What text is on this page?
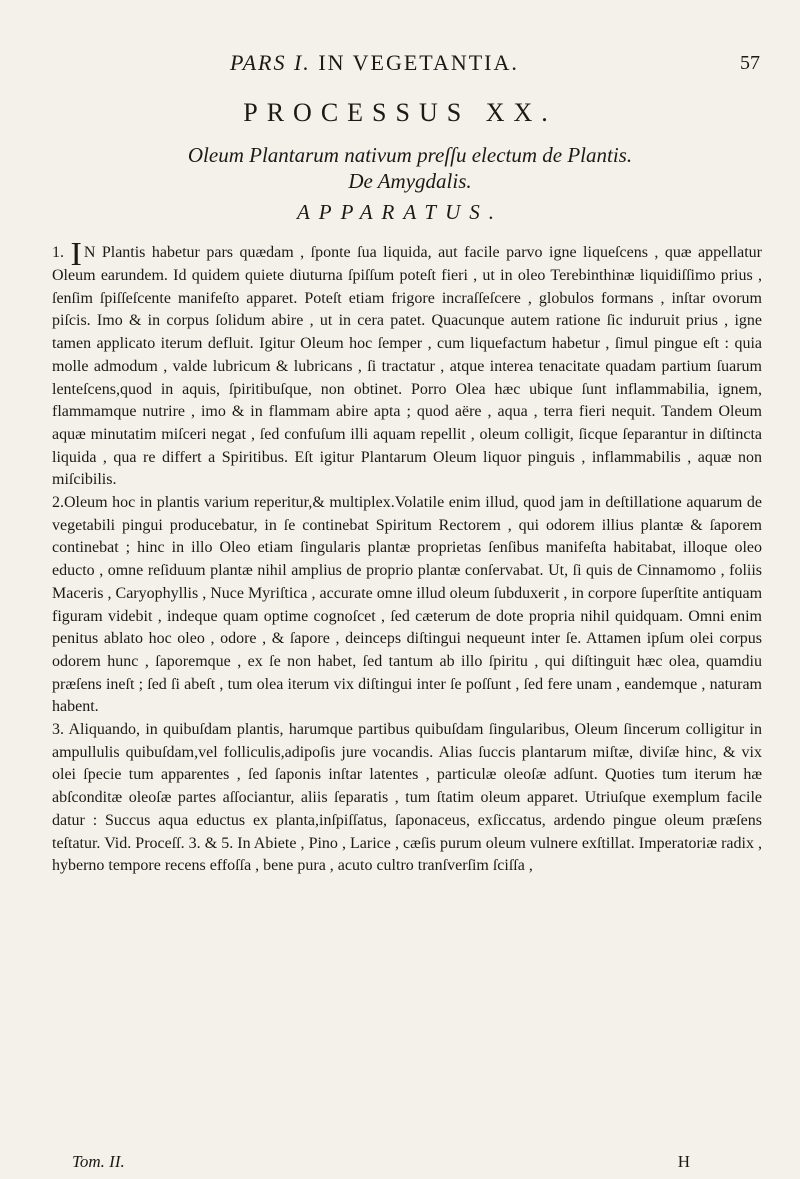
PARS I. IN VEGETANTIA.	57
PROCESSUS XX.
Oleum Plantarum nativum preſſu electum de Plantis.
De Amygdalis.
APPARATUS.

1. I N Plantis habetur pars quædam , ſponte ſua liquida, aut facile parvo igne liqueſcens , quæ appellatur Oleum earundem. Id quidem quiete diuturna ſpiſſum poteſt fieri , ut in oleo Terebinthinæ liquidiſſimo prius , ſenſim ſpiſſeſcente manifeſto apparet. Poteſt etiam frigore incraſſeſcere , globulos formans , inſtar ovorum piſcis. Imo & in corpus ſolidum abire , ut in cera patet. Quacunque autem ratione ſic induruit prius , igne tamen applicato iterum defluit. Igitur Oleum hoc ſemper , cum liquefactum habetur , ſimul pingue eſt : quia molle admodum , valde lubricum & lubricans , ſi tractatur , atque interea tenacitate quadam partium ſuarum lenteſcens,quod in aquis, ſpiritibuſque, non obtinet. Porro Olea hæc ubique ſunt inflammabilia, ignem, flammamque nutrire , imo & in flammam abire apta ; quod aëre , aqua , terra fieri nequit. Tandem Oleum aquæ minutatim miſceri negat , ſed confuſum illi aquam repellit , oleum colligit, ſicque ſeparantur in diſtincta liquida , qua re differt a Spiritibus. Eſt igitur Plantarum Oleum liquor pinguis , inflammabilis , aquæ non miſcibilis.

2.Oleum hoc in plantis varium reperitur,& multiplex.Volatile enim illud, quod jam in deſtillatione aquarum de vegetabili pingui producebatur, in ſe continebat Spiritum Rectorem , qui odorem illius plantæ & ſaporem continebat ; hinc in illo Oleo etiam ſingularis plantæ proprietas ſenſibus manifeſta habitabat, illoque oleo educto , omne reſiduum plantæ nihil amplius de proprio plantæ conſervabat. Ut, ſi quis de Cinnamomo , foliis Maceris , Caryophyllis , Nuce Myriſtica , accurate omne illud oleum ſubduxerit , in corpore ſuperſtite antiquam figuram videbit , indeque quam optime cognoſcet , ſed cæterum de dote propria nihil quidquam. Omni enim penitus ablato hoc oleo , odore , & ſapore , deinceps diſtingui nequeunt inter ſe. Attamen ipſum olei corpus odorem hunc , ſaporemque , ex ſe non habet, ſed tantum ab illo ſpiritu , qui diſtinguit hæc olea, quamdiu præſens ineſt ; ſed ſi abeſt , tum olea iterum vix diſtingui inter ſe poſſunt , ſed fere unam , eandemque , naturam habent.

3. Aliquando, in quibuſdam plantis, harumque partibus quibuſdam ſingularibus, Oleum ſincerum colligitur in ampullulis quibuſdam,vel folliculis,adipoſis jure vocandis. Alias ſuccis plantarum miſtæ, diviſæ hinc, & vix olei ſpecie tum apparentes , ſed ſaponis inſtar latentes , particulæ oleoſæ adſunt. Quoties tum iterum hæ abſconditæ oleoſæ partes aſſociantur, aliis ſeparatis , tum ſtatim oleum apparet. Utriuſque exemplum facile datur : Succus aqua eductus ex planta,inſpiſſatus, ſaponaceus, exſiccatus, ardendo pingue oleum præſens teſtatur. Vid. Proceſſ. 3. & 5. In Abiete , Pino , Larice , cæſis purum oleum vulnere exſtillat. Imperatoriæ radix , hyberno tempore recens effoſſa , bene pura , acuto cultro tranſverſim ſciſſa ,

Tom. II.	H
